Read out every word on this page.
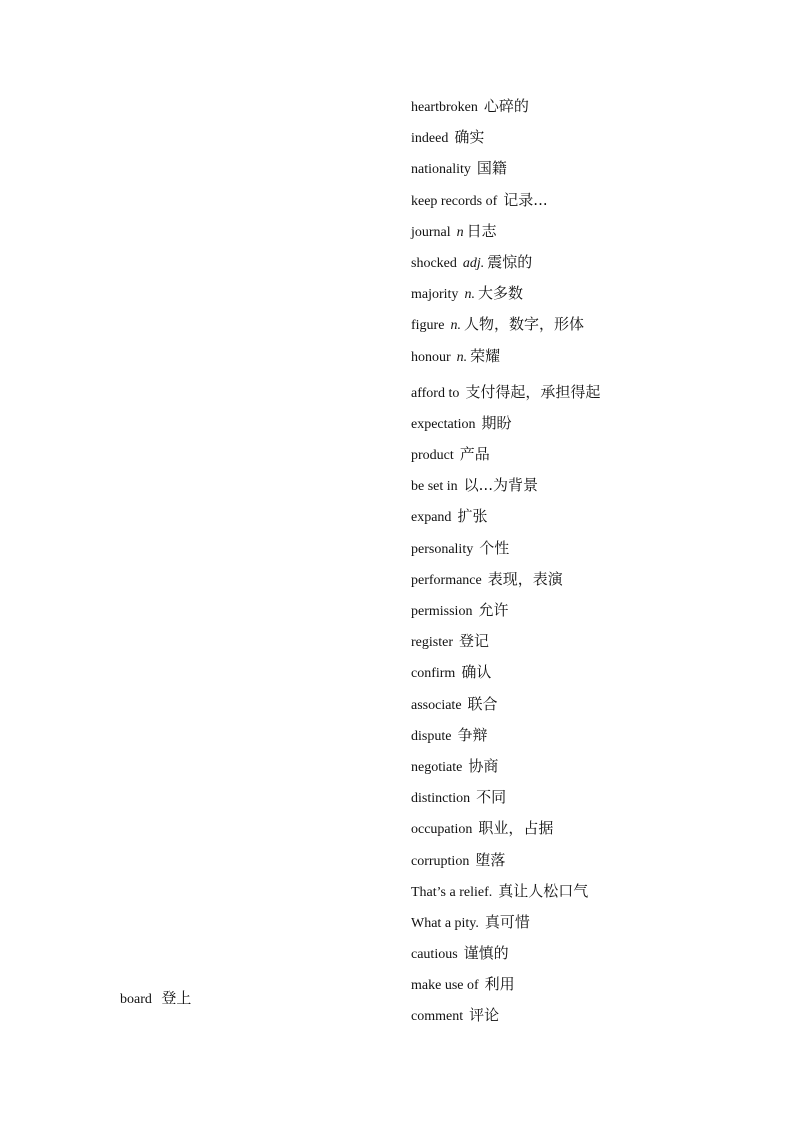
heartbroken 心碎的
indeed 确实
nationality 国籍
keep records of 记录...
journal n 日志
shocked adj. 震惊的
majority n. 大多数
figure n. 人物，数字，形体
honour n. 荣耀
afford to 支付得起，承担得起
expectation 期盼
product 产品
be set in 以...为背景
expand 扩张
personality 个性
performance 表现，表演
permission 允许
register 登记
confirm 确认
associate 联合
dispute 争辩
negotiate 协商
distinction 不同
occupation 职业，占据
corruption 堕落
That’s a relief. 真让人松口气
What a pity. 真可惜
cautious 谨慎的
make use of 利用
comment 评论
board 登上
